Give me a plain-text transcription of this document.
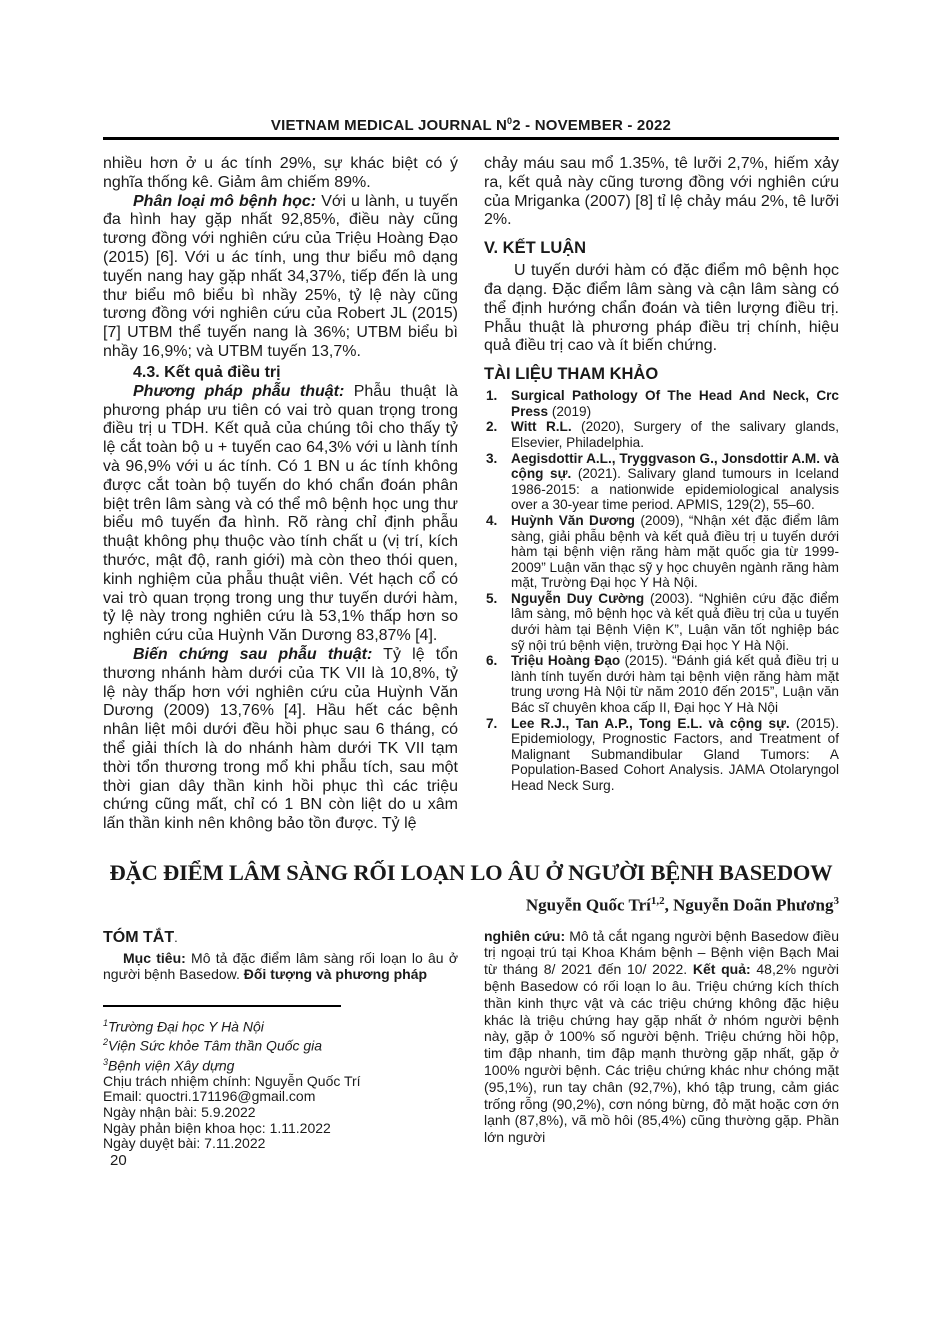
VIETNAM MEDICAL JOURNAL $N^02$ - NOVEMBER - 2022

nhiều hơn ở u ác tính 29%, sự khác biệt có ý nghĩa thống kê. Giảm âm chiếm 89%.

Phân loại mô bệnh học: Với u lành, u tuyến đa hình hay gặp nhất 92,85%, điều này cũng tương đồng với nghiên cứu của Triệu Hoàng Đạo (2015) [6]. Với u ác tính, ung thư biểu mô dạng tuyến nang hay gặp nhất 34,37%, tiếp đến là ung thư biểu mô biểu bì nhầy 25%, tỷ lệ này cũng tương đồng với nghiên cứu của Robert JL (2015) [7] UTBM thể tuyến nang là 36%; UTBM biểu bì nhầy 16,9%; và UTBM tuyến 13,7%.

4.3. Kết quả điều trị

Phương pháp phẫu thuật: Phẫu thuật là phương pháp ưu tiên có vai trò quan trọng trong điều trị u TDH. Kết quả của chúng tôi cho thấy tỷ lệ cắt toàn bộ u + tuyến cao 64,3% với u lành tính và 96,9% với u ác tính. Có 1 BN u ác tính không được cắt toàn bộ tuyến do khó chẩn đoán phân biệt trên lâm sàng và có thể mô bệnh học ung thư biểu mô tuyến đa hình. Rõ ràng chỉ định phẫu thuật không phụ thuộc vào tính chất u (vị trí, kích thước, mật độ, ranh giới) mà còn theo thói quen, kinh nghiệm của phẫu thuật viên. Vét hạch cổ có vai trò quan trọng trong ung thư tuyến dưới hàm, tỷ lệ này trong nghiên cứu là 53,1% thấp hơn so nghiên cứu của Huỳnh Văn Dương 83,87% [4].

Biến chứng sau phẫu thuật: Tỷ lệ tổn thương nhánh hàm dưới của TK VII là 10,8%, tỷ lệ này thấp hơn với nghiên cứu của Huỳnh Văn Dương (2009) 13,76% [4]. Hầu hết các bệnh nhân liệt môi dưới đều hồi phục sau 6 tháng, có thể giải thích là do nhánh hàm dưới TK VII tạm thời tổn thương trong mổ khi phẫu tích, sau một thời gian dây thần kinh hồi phục thì các triệu chứng cũng mất, chỉ có 1 BN còn liệt do u xâm lấn thần kinh nên không bảo tồn được. Tỷ lệ

chảy máu sau mổ 1.35%, tê lưỡi 2,7%, hiếm xảy ra, kết quả này cũng tương đồng với nghiên cứu của Mriganka (2007) [8] tỉ lệ chảy máu 2%, tê lưỡi 2%.

V. KẾT LUẬN

U tuyến dưới hàm có đặc điểm mô bệnh học đa dạng. Đặc điểm lâm sàng và cận lâm sàng có thể định hướng chẩn đoán và tiên lượng điều trị. Phẫu thuật là phương pháp điều trị chính, hiệu quả điều trị cao và ít biến chứng.

TÀI LIỆU THAM KHẢO
1. Surgical Pathology Of The Head And Neck, Crc Press (2019)
2. Witt R.L. (2020), Surgery of the salivary glands, Elsevier, Philadelphia.
3. Aegisdottir A.L., Tryggvason G., Jonsdottir A.M. và cộng sự. (2021). Salivary gland tumours in Iceland 1986-2015: a nationwide epidemiological analysis over a 30-year time period. APMIS, 129(2), 55–60.
4. Huỳnh Văn Dương (2009), “Nhận xét đặc điểm lâm sàng, giải phẫu bệnh và kết quả điều trị u tuyến dưới hàm tại bệnh viện răng hàm mặt quốc gia từ 1999-2009” Luận văn thạc sỹ y học chuyên ngành răng hàm mặt, Trường Đại học Y Hà Nội.
5. Nguyễn Duy Cường (2003). “Nghiên cứu đặc điểm lâm sàng, mô bệnh học và kết quả điều trị của u tuyến dưới hàm tại Bệnh Viện K”, Luận văn tốt nghiệp bác sỹ nội trú bệnh viện, trường Đại học Y Hà Nội.
6. Triệu Hoàng Đạo (2015). “Đánh giá kết quả điều trị u lành tính tuyến dưới hàm tại bệnh viện răng hàm mặt trung ương Hà Nội từ năm 2010 đến 2015”, Luận văn Bác sĩ chuyên khoa cấp II, Đại học Y Hà Nội
7. Lee R.J., Tan A.P., Tong E.L. và cộng sự. (2015). Epidemiology, Prognostic Factors, and Treatment of Malignant Submandibular Gland Tumors: A Population-Based Cohort Analysis. JAMA Otolaryngol Head Neck Surg.
ĐẶC ĐIỂM LÂM SÀNG RỐI LOẠN LO ÂU Ở NGƯỜI BỆNH BASEDOW
Nguyễn Quốc Trí$^{1,2}$, Nguyễn Doãn Phương$^3$
TÓM TẮT.

Mục tiêu: Mô tả đặc điểm lâm sàng rối loạn lo âu ở người bệnh Basedow. Đối tượng và phương pháp

$^1$Trường Đại học Y Hà Nội
$^2$Viện Sức khỏe Tâm thần Quốc gia
$^3$Bệnh viện Xây dựng
Chịu trách nhiệm chính: Nguyễn Quốc Trí
Email: quoctri.171196@gmail.com
Ngày nhận bài: 5.9.2022
Ngày phản biện khoa học: 1.11.2022
Ngày duyệt bài: 7.11.2022

nghiên cứu: Mô tả cắt ngang người bệnh Basedow điều trị ngoại trú tại Khoa Khám bệnh – Bệnh viện Bạch Mai từ tháng 8/ 2021 đến 10/ 2022. Kết quả: 48,2% người bệnh Basedow có rối loạn lo âu. Triệu chứng kích thích thần kinh thực vật và các triệu chứng không đặc hiệu khác là triệu chứng hay gặp nhất ở nhóm người bệnh này, gặp ở 100% số người bệnh. Triệu chứng hồi hộp, tim đập nhanh, tim đập mạnh thường gặp nhất, gặp ở 100% người bệnh. Các triệu chứng khác như chóng mặt (95,1%), run tay chân (92,7%), khó tập trung, cảm giác trống rỗng (90,2%), cơn nóng bừng, đỏ mặt hoặc cơn ớn lạnh (87,8%), vã mồ hôi (85,4%) cũng thường gặp. Phần lớn người

20
